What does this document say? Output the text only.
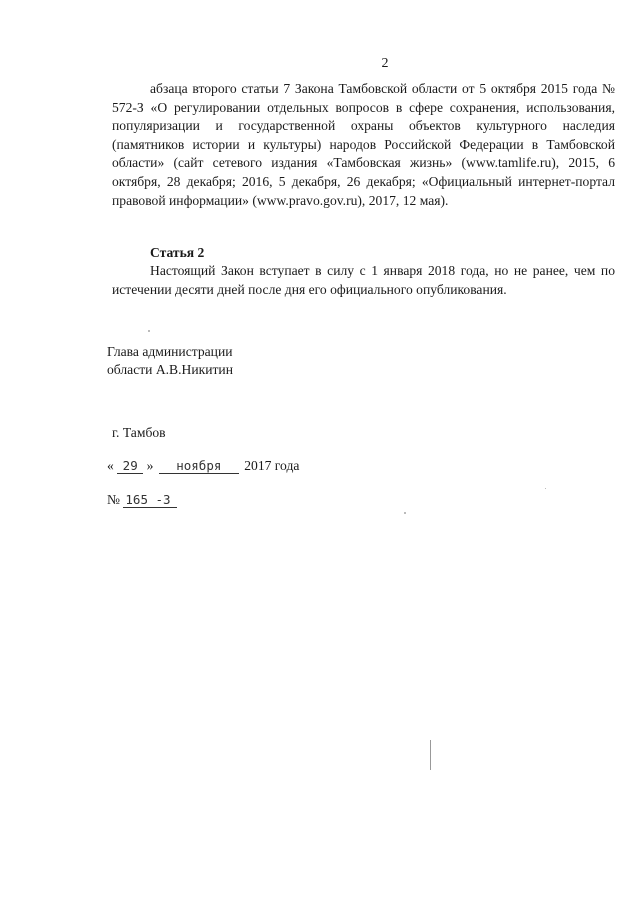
2

абзаца второго статьи 7 Закона Тамбовской области от 5 октября 2015 года № 572-З «О регулировании отдельных вопросов в сфере сохранения, использования, популяризации и государственной охраны объектов культурного наследия (памятников истории и культуры) народов Российской Федерации в Тамбовской области» (сайт сетевого издания «Тамбовская жизнь» (www.tamlife.ru), 2015, 6 октября, 28 декабря; 2016, 5 декабря, 26 декабря; «Официальный интернет-портал правовой информации» (www.pravo.gov.ru), 2017, 12 мая).

Статья 2

Настоящий Закон вступает в силу с 1 января 2018 года, но не ранее, чем по истечении десяти дней после дня его официального опубликования.

Глава администрации
области А.В.Никитин
г. Тамбов
« 29 » ноября 2017 года
№ 165 -З
